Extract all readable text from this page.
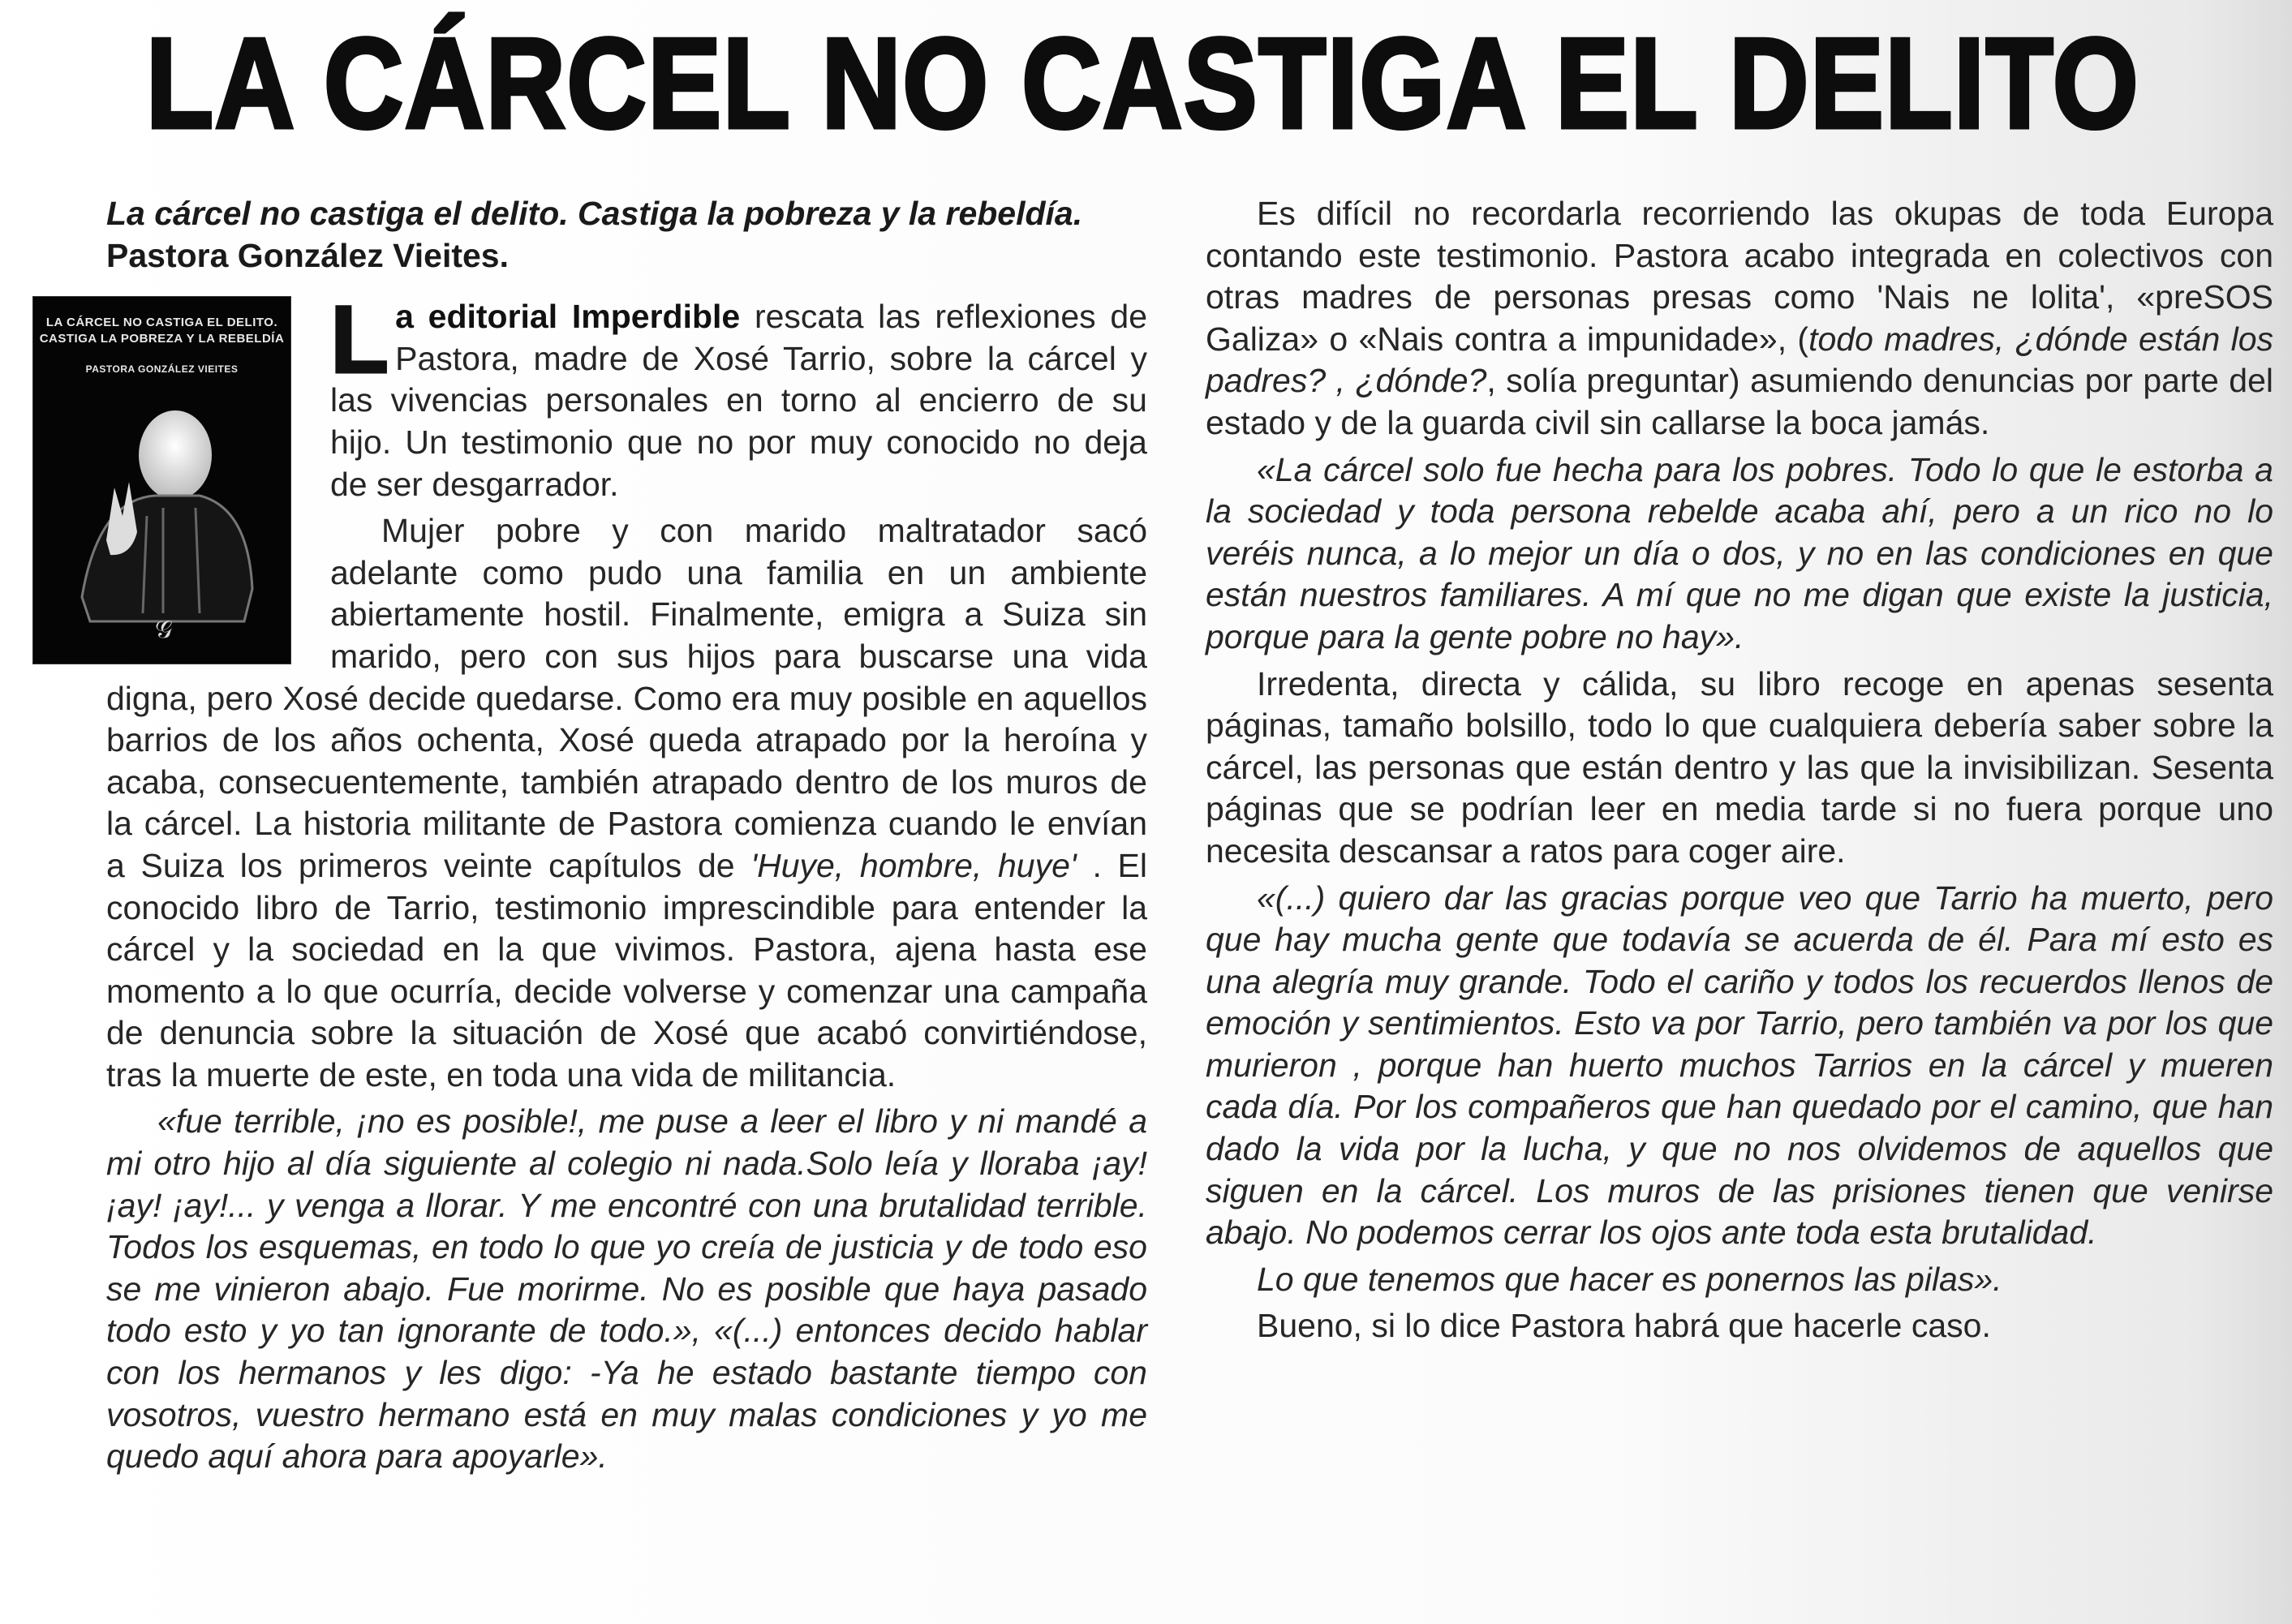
LA CÁRCEL NO CASTIGA EL DELITO
La cárcel no castiga el delito. Castiga la pobreza y la rebeldía.
Pastora González Vieites.
LA CÁRCEL NO CASTIGA EL DELITO.
CASTIGA LA POBREZA Y LA REBELDÍA
PASTORA GONZÁLEZ VIEITES
𝒢

La editorial Imperdible rescata las reflexiones de Pastora, madre de Xosé Tarrio, sobre la cárcel y las vivencias personales en torno al encierro de su hijo. Un testimonio que no por muy conocido no deja de ser desgarrador.

Mujer pobre y con marido maltratador sacó adelante como pudo una familia en un ambiente abiertamente hostil. Finalmente, emigra a Suiza sin marido, pero con sus hijos para buscarse una vida digna, pero Xosé decide quedarse. Como era muy posible en aquellos barrios de los años ochenta, Xosé queda atrapado por la heroína y acaba, consecuentemente, también atrapado dentro de los muros de la cárcel. La historia militante de Pastora comienza cuando le envían a Suiza los primeros veinte capítulos de 'Huye, hombre, huye' . El conocido libro de Tarrio, testimonio imprescindible para entender la cárcel y la sociedad en la que vivimos. Pastora, ajena hasta ese momento a lo que ocurría, decide volverse y comenzar una campaña de denuncia sobre la situación de Xosé que acabó convirtiéndose, tras la muerte de este, en toda una vida de militancia.

«fue terrible, ¡no es posible!, me puse a leer el libro y ni mandé a mi otro hijo al día siguiente al colegio ni nada.Solo leía y lloraba ¡ay! ¡ay! ¡ay!... y venga a llorar. Y me encontré con una brutalidad terrible. Todos los esquemas, en todo lo que yo creía de justicia y de todo eso se me vinieron abajo. Fue morirme. No es posible que haya pasado todo esto y yo tan ignorante de todo.», «(...) entonces decido hablar con los hermanos y les digo: -Ya he estado bastante tiempo con vosotros, vuestro hermano está en muy malas condiciones y yo me quedo aquí ahora para apoyarle».

Es difícil no recordarla recorriendo las okupas de toda Europa contando este testimonio. Pastora acabo integrada en colectivos con otras madres de personas presas como 'Nais ne lolita', «preSOS Galiza» o «Nais contra a impunidade», (todo madres, ¿dónde están los padres? , ¿dónde?, solía preguntar) asumiendo denuncias por parte del estado y de la guarda civil sin callarse la boca jamás.

«La cárcel solo fue hecha para los pobres. Todo lo que le estorba a la sociedad y toda persona rebelde acaba ahí, pero a un rico no lo veréis nunca, a lo mejor un día o dos, y no en las condiciones en que están nuestros familiares. A mí que no me digan que existe la justicia, porque para la gente pobre no hay».

Irredenta, directa y cálida, su libro recoge en apenas sesenta páginas, tamaño bolsillo, todo lo que cualquiera debería saber sobre la cárcel, las personas que están dentro y las que la invisibilizan. Sesenta páginas que se podrían leer en media tarde si no fuera porque uno necesita descansar a ratos para coger aire.

«(...) quiero dar las gracias porque veo que Tarrio ha muerto, pero que hay mucha gente que todavía se acuerda de él. Para mí esto es una alegría muy grande. Todo el cariño y todos los recuerdos llenos de emoción y sentimientos. Esto va por Tarrio, pero también va por los que murieron , porque han huerto muchos Tarrios en la cárcel y mueren cada día. Por los compañeros que han quedado por el camino, que han dado la vida por la lucha, y que no nos olvidemos de aquellos que siguen en la cárcel. Los muros de las prisiones tienen que venirse abajo. No podemos cerrar los ojos ante toda esta brutalidad.

Lo que tenemos que hacer es ponernos las pilas».

Bueno, si lo dice Pastora habrá que hacerle caso.
